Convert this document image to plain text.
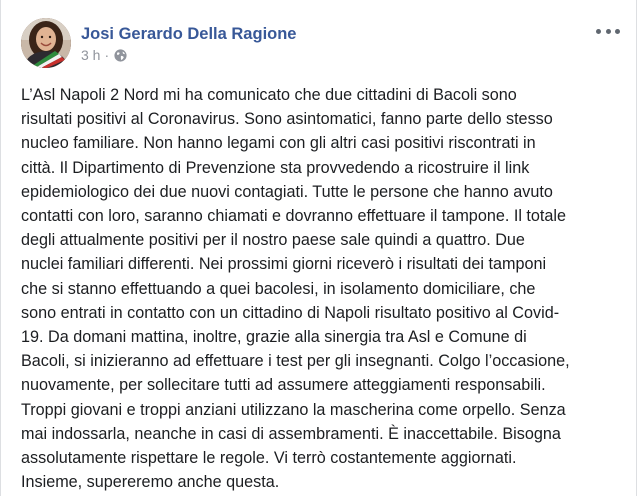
Josi Gerardo Della Ragione
3 h ·

L’Asl Napoli 2 Nord mi ha comunicato che due cittadini di Bacoli sono
risultati positivi al Coronavirus. Sono asintomatici, fanno parte dello stesso
nucleo familiare. Non hanno legami con gli altri casi positivi riscontrati in
città. Il Dipartimento di Prevenzione sta provvedendo a ricostruire il link
epidemiologico dei due nuovi contagiati. Tutte le persone che hanno avuto
contatti con loro, saranno chiamati e dovranno effettuare il tampone. Il totale
degli attualmente positivi per il nostro paese sale quindi a quattro. Due
nuclei familiari differenti. Nei prossimi giorni riceverò i risultati dei tamponi
che si stanno effettuando a quei bacolesi, in isolamento domiciliare, che
sono entrati in contatto con un cittadino di Napoli risultato positivo al Covid-
19. Da domani mattina, inoltre, grazie alla sinergia tra Asl e Comune di
Bacoli, si inizieranno ad effettuare i test per gli insegnanti. Colgo l’occasione,
nuovamente, per sollecitare tutti ad assumere atteggiamenti responsabili.
Troppi giovani e troppi anziani utilizzano la mascherina come orpello. Senza
mai indossarla, neanche in casi di assembramenti. È inaccettabile. Bisogna
assolutamente rispettare le regole. Vi terrò costantemente aggiornati.
Insieme, supereremo anche questa.
